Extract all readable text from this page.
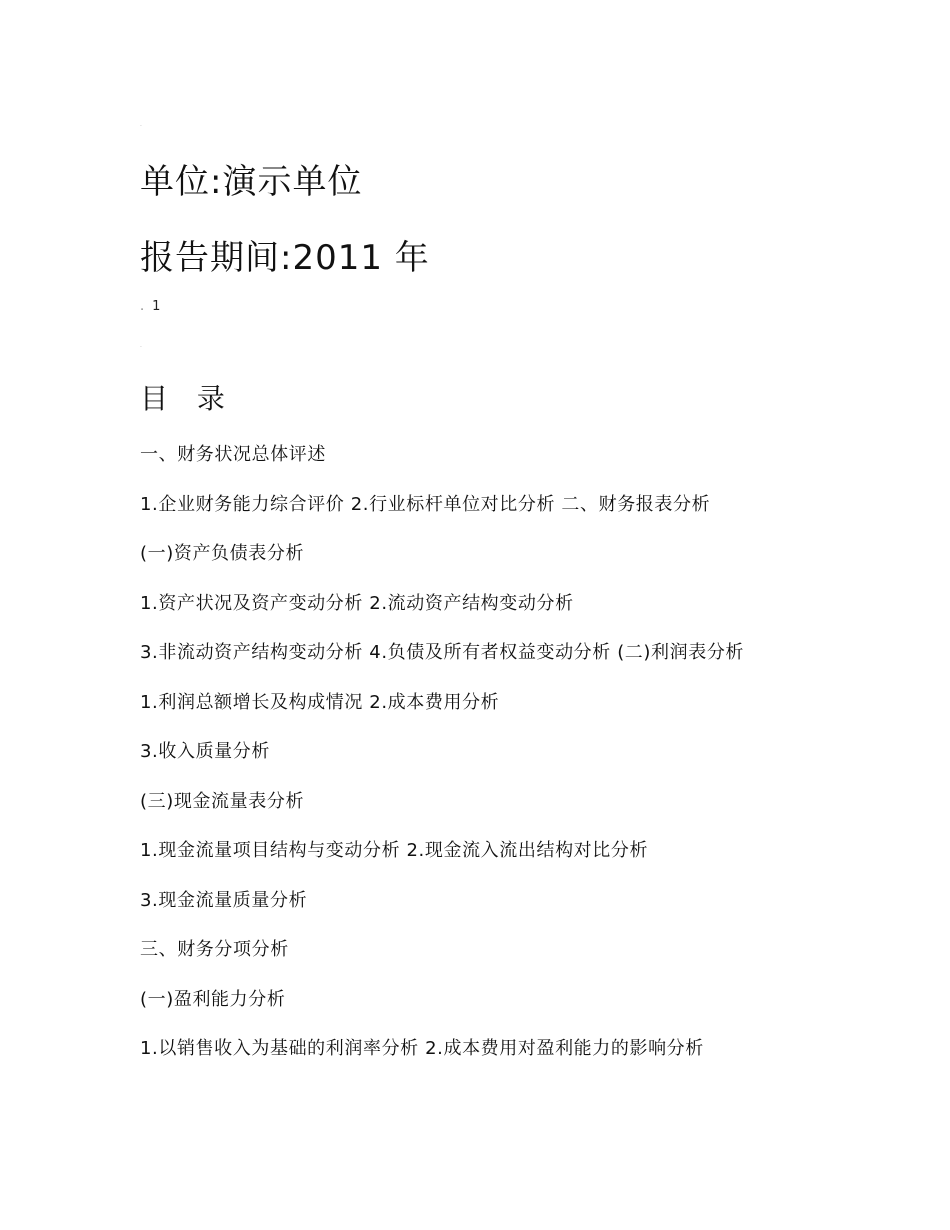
·
单位:演示单位
报告期间:2011 年
. 1
·
目 录
一、财务状况总体评述
1.企业财务能力综合评价 2.行业标杆单位对比分析 二、财务报表分析
(一)资产负债表分析
1.资产状况及资产变动分析 2.流动资产结构变动分析
3.非流动资产结构变动分析 4.负债及所有者权益变动分析 (二)利润表分析
1.利润总额增长及构成情况 2.成本费用分析
3.收入质量分析
(三)现金流量表分析
1.现金流量项目结构与变动分析 2.现金流入流出结构对比分析
3.现金流量质量分析
三、财务分项分析
(一)盈利能力分析
1.以销售收入为基础的利润率分析 2.成本费用对盈利能力的影响分析
